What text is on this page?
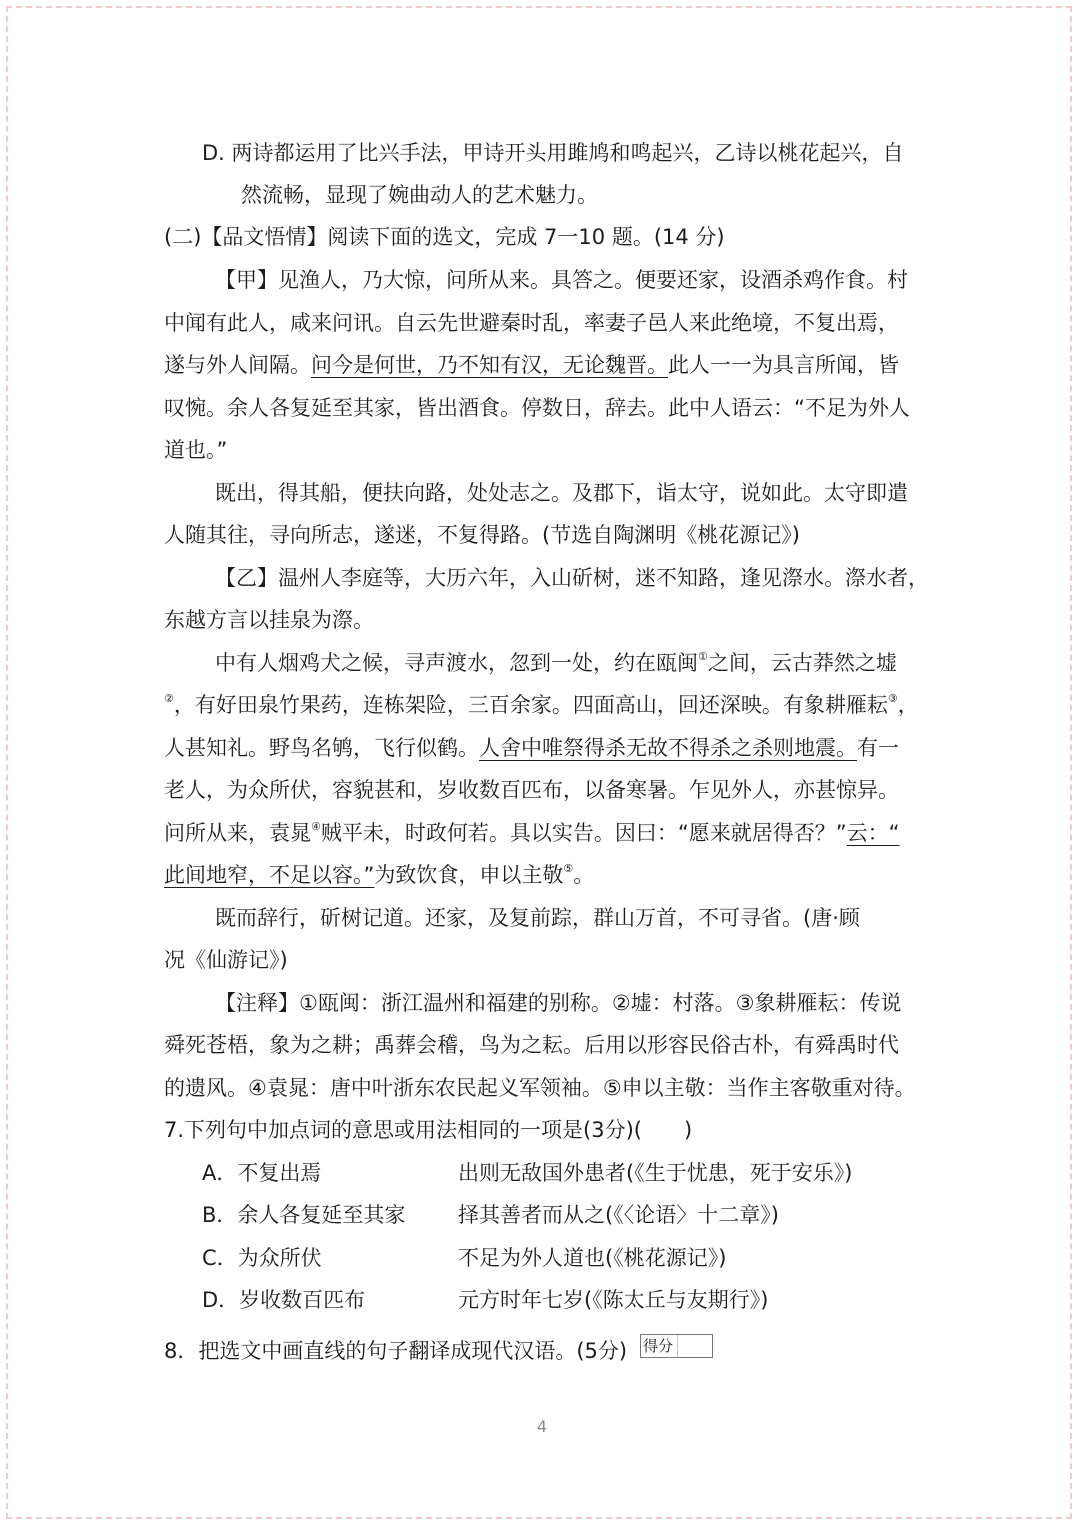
D. 两诗都运用了比兴手法，甲诗开头用雎鸠和鸣起兴，乙诗以桃花起兴，自
然流畅，显现了婉曲动人的艺术魅力。
(二)【品文悟情】阅读下面的选文，完成 7一10 题。(14 分)
【甲】见渔人，乃大惊，问所从来。具答之。便要还家，设酒杀鸡作食。村
中闻有此人，咸来问讯。自云先世避秦时乱，率妻子邑人来此绝境，不复出焉，
遂与外人间隔。问今是何世，乃不知有汉，无论魏晋。此人一一为具言所闻，皆
叹惋。余人各复延至其家，皆出酒食。停数日，辞去。此中人语云：“不足为外人
道也。”
既出，得其船，便扶向路，处处志之。及郡下，诣太守，说如此。太守即遣
人随其往，寻向所志，遂迷，不复得路。(节选自陶渊明《桃花源记》)
【乙】温州人李庭等，大历六年，入山斫树，迷不知路，逢见漈水。漈水者，
东越方言以挂泉为漈。
中有人烟鸡犬之候，寻声渡水，忽到一处，约在瓯闽①之间，云古莽然之墟
②，有好田泉竹果药，连栋架险，三百余家。四面高山，回还深映。有象耕雁耘③，
人甚知礼。野鸟名鸲，飞行似鹤。人舍中唯祭得杀无故不得杀之杀则地震。有一
老人，为众所伏，容貌甚和，岁收数百匹布，以备寒暑。乍见外人，亦甚惊异。
问所从来，袁晁④贼平未，时政何若。具以实告。因曰：“愿来就居得否？”云：“
此间地窄，不足以容。”为致饮食，申以主敬⑤。
既而辞行，斫树记道。还家，及复前踪，群山万首，不可寻省。(唐·顾
况《仙游记》)
【注释】①瓯闽：浙江温州和福建的别称。②墟：村落。③象耕雁耘：传说
舜死苍梧，象为之耕；禹葬会稽，鸟为之耘。后用以形容民俗古朴，有舜禹时代
的遗风。④袁晁：唐中叶浙东农民起义军领袖。⑤申以主敬：当作主客敬重对待。
7.下列句中加点词的意思或用法相同的一项是(3分)(　　)
A．不复出焉	出则无敌国外患者(《生于忧患，死于安乐》)
B．余人各复延至其家	择其善者而从之(《〈论语〉十二章》)
C．为众所伏	不足为外人道也(《桃花源记》)
D．岁收数百匹布	元方时年七岁(《陈太丘与友期行》)
8．把选文中画直线的句子翻译成现代汉语。(5分) 得分
4
